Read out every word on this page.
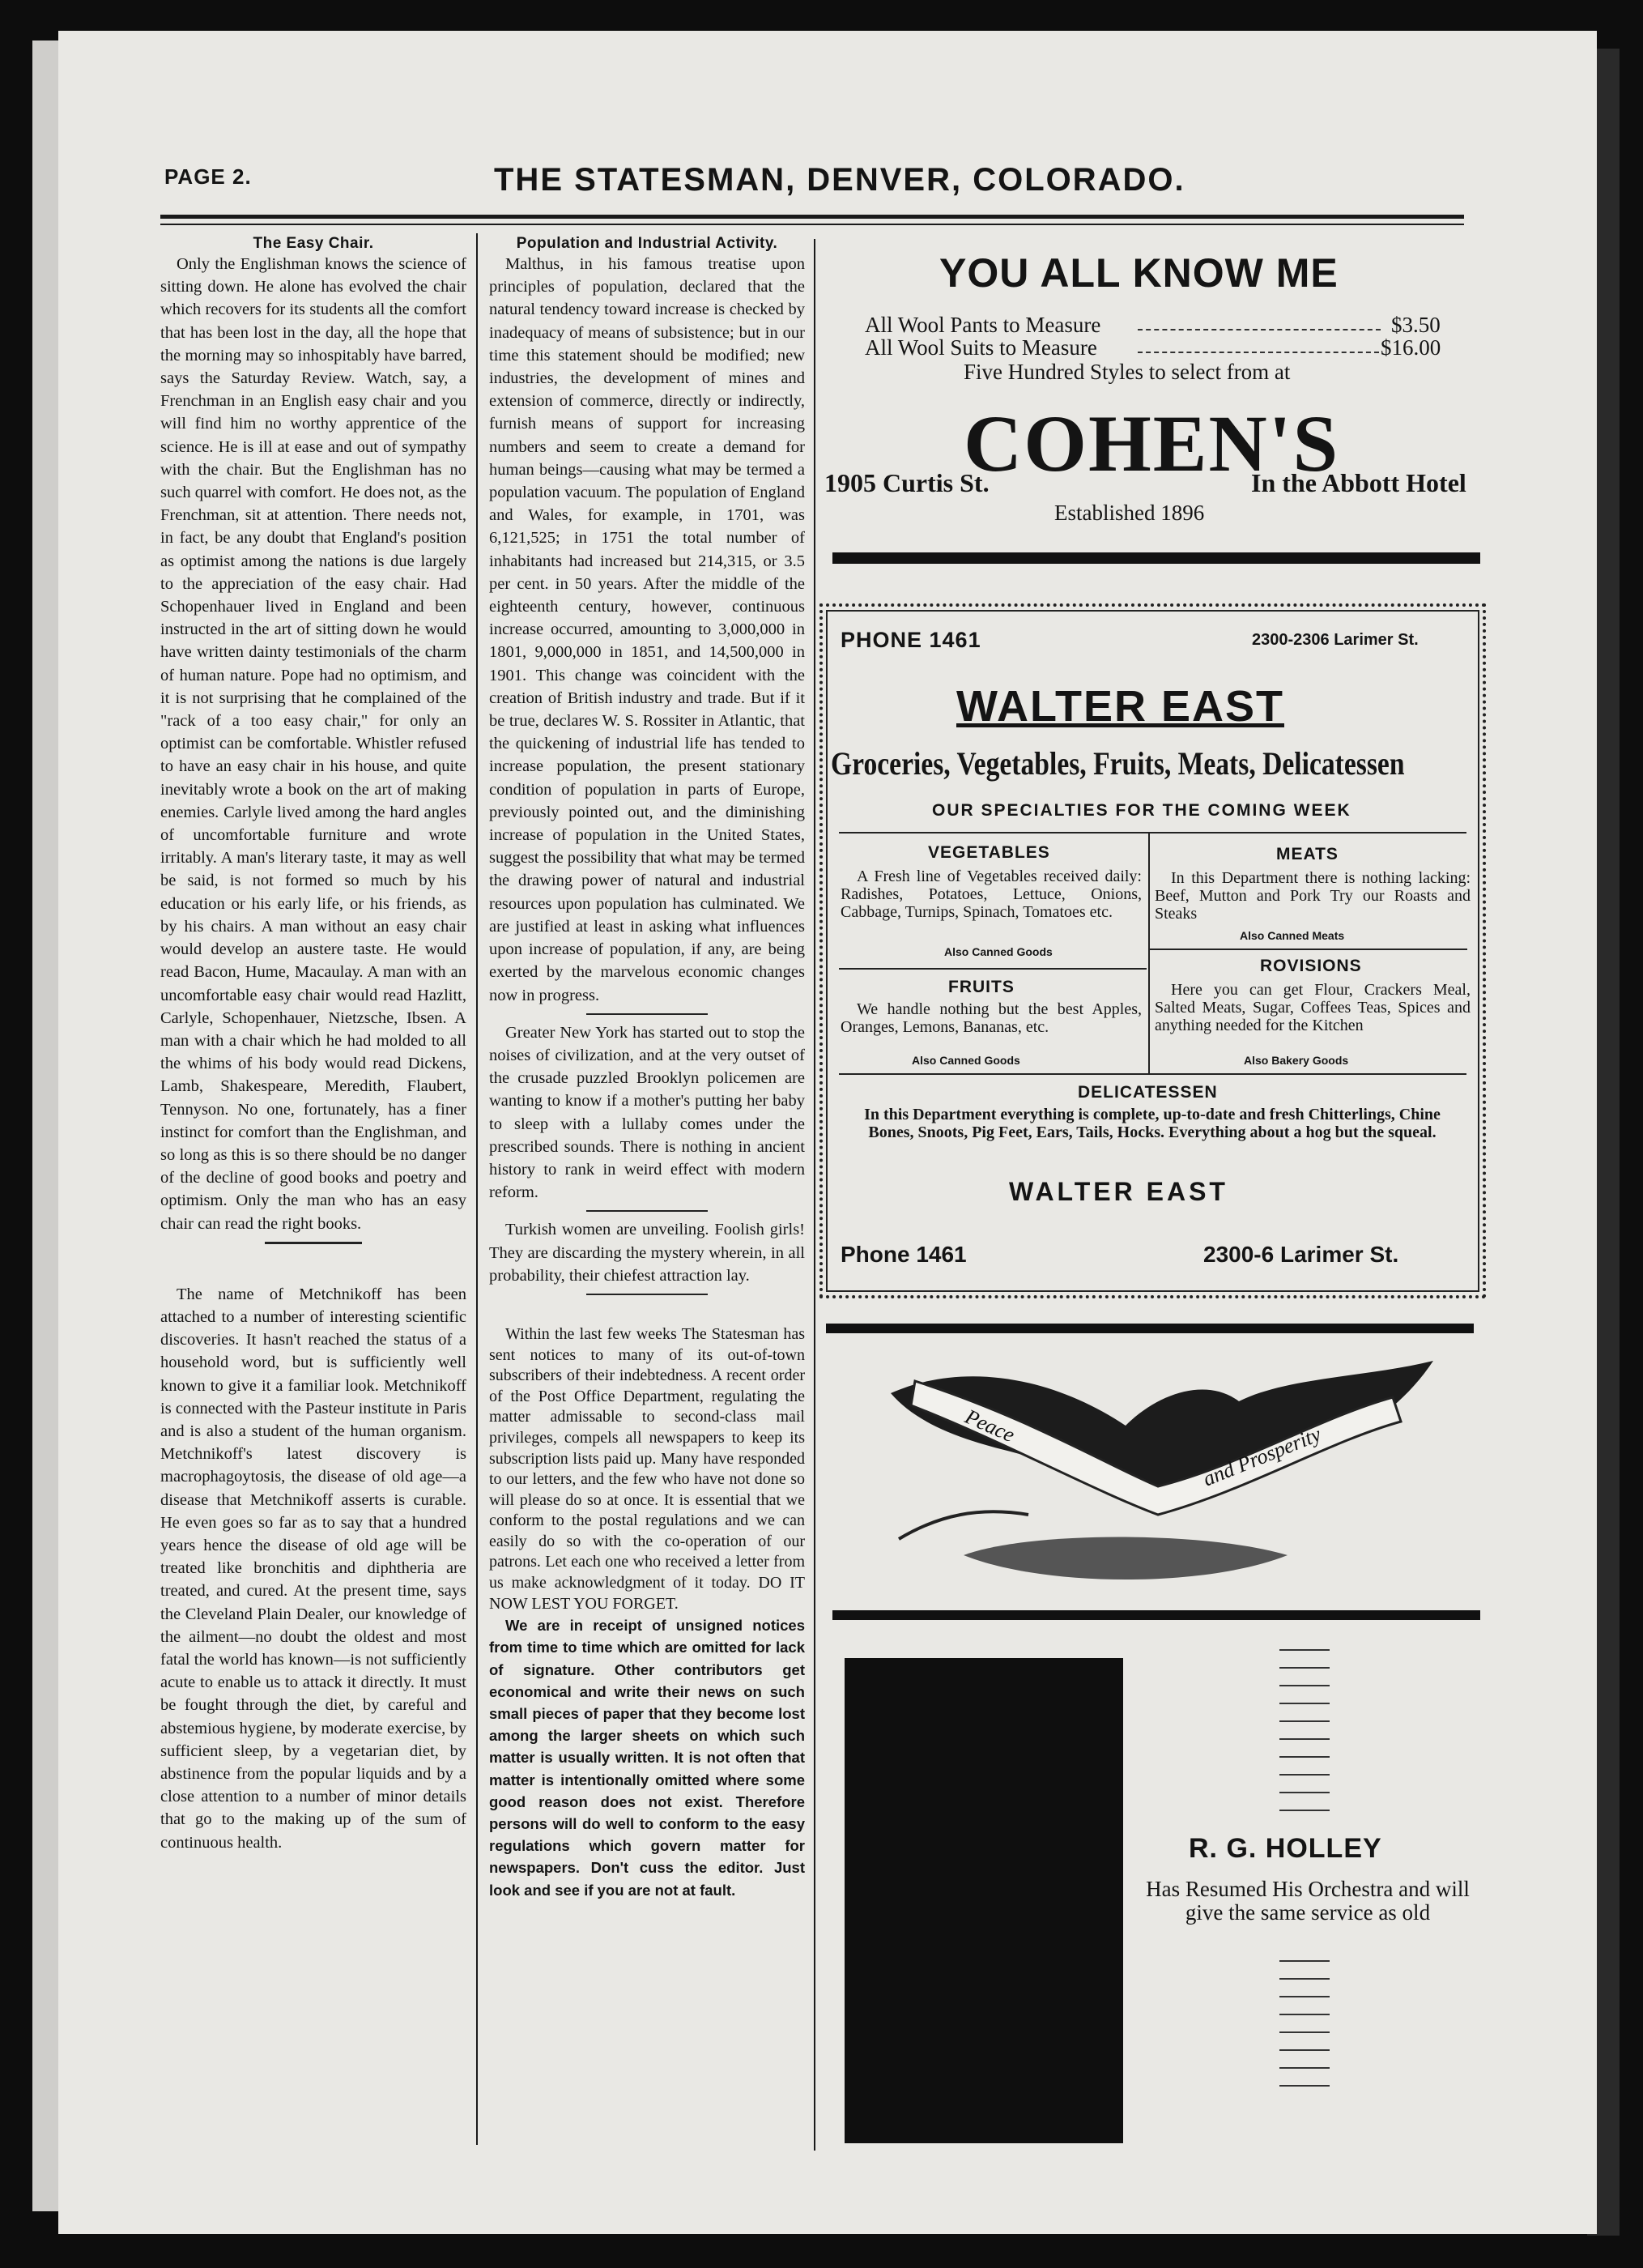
PAGE 2.	THE STATESMAN, DENVER, COLORADO.
The Easy Chair.

Only the Englishman knows the science of sitting down. He alone has evolved the chair which recovers for its students all the comfort that has been lost in the day, all the hope that the morning may so inhospitably have barred, says the Saturday Review. Watch, say, a Frenchman in an English easy chair and you will find him no worthy apprentice of the science. He is ill at ease and out of sympathy with the chair. But the Englishman has no such quarrel with comfort. He does not, as the Frenchman, sit at attention. There needs not, in fact, be any doubt that England's position as optimist among the nations is due largely to the appreciation of the easy chair. Had Schopenhauer lived in England and been instructed in the art of sitting down he would have written dainty testimonials of the charm of human nature. Pope had no optimism, and it is not surprising that he complained of the "rack of a too easy chair," for only an optimist can be comfortable. Whistler refused to have an easy chair in his house, and quite inevitably wrote a book on the art of making enemies. Carlyle lived among the hard angles of uncomfortable furniture and wrote irritably. A man's literary taste, it may as well be said, is not formed so much by his education or his early life, or his friends, as by his chairs. A man without an easy chair would develop an austere taste. He would read Bacon, Hume, Macaulay. A man with an uncomfortable easy chair would read Hazlitt, Carlyle, Schopenhauer, Nietzsche, Ibsen. A man with a chair which he had molded to all the whims of his body would read Dickens, Lamb, Shakespeare, Meredith, Flaubert, Tennyson. No one, fortunately, has a finer instinct for comfort than the Englishman, and so long as this is so there should be no danger of the decline of good books and poetry and optimism. Only the man who has an easy chair can read the right books.

The name of Metchnikoff has been attached to a number of interesting scientific discoveries. It hasn't reached the status of a household word, but is sufficiently well known to give it a familiar look. Metchnikoff is connected with the Pasteur institute in Paris and is also a student of the human organism. Metchnikoff's latest discovery is macrophagoytosis, the disease of old age—a disease that Metchnikoff asserts is curable. He even goes so far as to say that a hundred years hence the disease of old age will be treated like bronchitis and diphtheria are treated, and cured. At the present time, says the Cleveland Plain Dealer, our knowledge of the ailment—no doubt the oldest and most fatal the world has known—is not sufficiently acute to enable us to attack it directly. It must be fought through the diet, by careful and abstemious hygiene, by moderate exercise, by sufficient sleep, by a vegetarian diet, by abstinence from the popular liquids and by a close attention to a number of minor details that go to the making up of the sum of continuous health.

Population and Industrial Activity.

Malthus, in his famous treatise upon principles of population, declared that the natural tendency toward increase is checked by inadequacy of means of subsistence; but in our time this statement should be modified; new industries, the development of mines and extension of commerce, directly or indirectly, furnish means of support for increasing numbers and seem to create a demand for human beings—causing what may be termed a population vacuum. The population of England and Wales, for example, in 1701, was 6,121,525; in 1751 the total number of inhabitants had increased but 214,315, or 3.5 per cent. in 50 years. After the middle of the eighteenth century, however, continuous increase occurred, amounting to 3,000,000 in 1801, 9,000,000 in 1851, and 14,500,000 in 1901. This change was coincident with the creation of British industry and trade. But if it be true, declares W. S. Rossiter in Atlantic, that the quickening of industrial life has tended to increase population, the present stationary condition of population in parts of Europe, previously pointed out, and the diminishing increase of population in the United States, suggest the possibility that what may be termed the drawing power of natural and industrial resources upon population has culminated. We are justified at least in asking what influences upon increase of population, if any, are being exerted by the marvelous economic changes now in progress.

Greater New York has started out to stop the noises of civilization, and at the very outset of the crusade puzzled Brooklyn policemen are wanting to know if a mother's putting her baby to sleep with a lullaby comes under the prescribed sounds. There is nothing in ancient history to rank in weird effect with modern reform.

Turkish women are unveiling. Foolish girls! They are discarding the mystery wherein, in all probability, their chiefest attraction lay.

Within the last few weeks The Statesman has sent notices to many of its out-of-town subscribers of their indebtedness. A recent order of the Post Office Department, regulating the matter admissable to second-class mail privileges, compels all newspapers to keep its subscription lists paid up. Many have responded to our letters, and the few who have not done so will please do so at once. It is essential that we conform to the postal regulations and we can easily do so with the co-operation of our patrons. Let each one who received a letter from us make acknowledgment of it today. DO IT NOW LEST YOU FORGET.

We are in receipt of unsigned notices from time to time which are omitted for lack of signature. Other contributors get economical and write their news on such small pieces of paper that they become lost among the larger sheets on which such matter is usually written. It is not often that matter is intentionally omitted where some good reason does not exist. Therefore persons will do well to conform to the easy regulations which govern matter for newspapers. Don't cuss the editor. Just look and see if you are not at fault.

YOU ALL KNOW ME
All Wool Pants to Measure	$3.50
All Wool Suits to Measure	$16.00
Five Hundred Styles to select from at
COHEN'S
1905 Curtis St.	In the Abbott Hotel
Established 1896
PHONE 1461	2300-2306 Larimer St.
WALTER EAST
Groceries, Vegetables, Fruits, Meats, Delicatessen
OUR SPECIALTIES FOR THE COMING WEEK
VEGETABLES
A Fresh line of Vegetables received daily: Radishes, Potatoes, Lettuce, Onions, Cabbage, Turnips, Spinach, Tomatoes etc.
Also Canned Goods
FRUITS
We handle nothing but the best Apples, Oranges, Lemons, Bananas, etc.
Also Canned Goods
MEATS
In this Department there is nothing lacking: Beef, Mutton and Pork Try our Roasts and Steaks
Also Canned Meats
ROVISIONS
Here you can get Flour, Crackers Meal, Salted Meats, Sugar, Coffees Teas, Spices and anything needed for the Kitchen
Also Bakery Goods
DELICATESSEN
In this Department everything is complete, up-to-date and fresh Chitterlings, Chine Bones, Snoots, Pig Feet, Ears, Tails, Hocks. Everything about a hog but the squeal.
WALTER EAST
Phone 1461	2300-6 Larimer St.
Peace	and Prosperity
R. G. HOLLEY
Has Resumed His Orchestra and will give the same service as old
